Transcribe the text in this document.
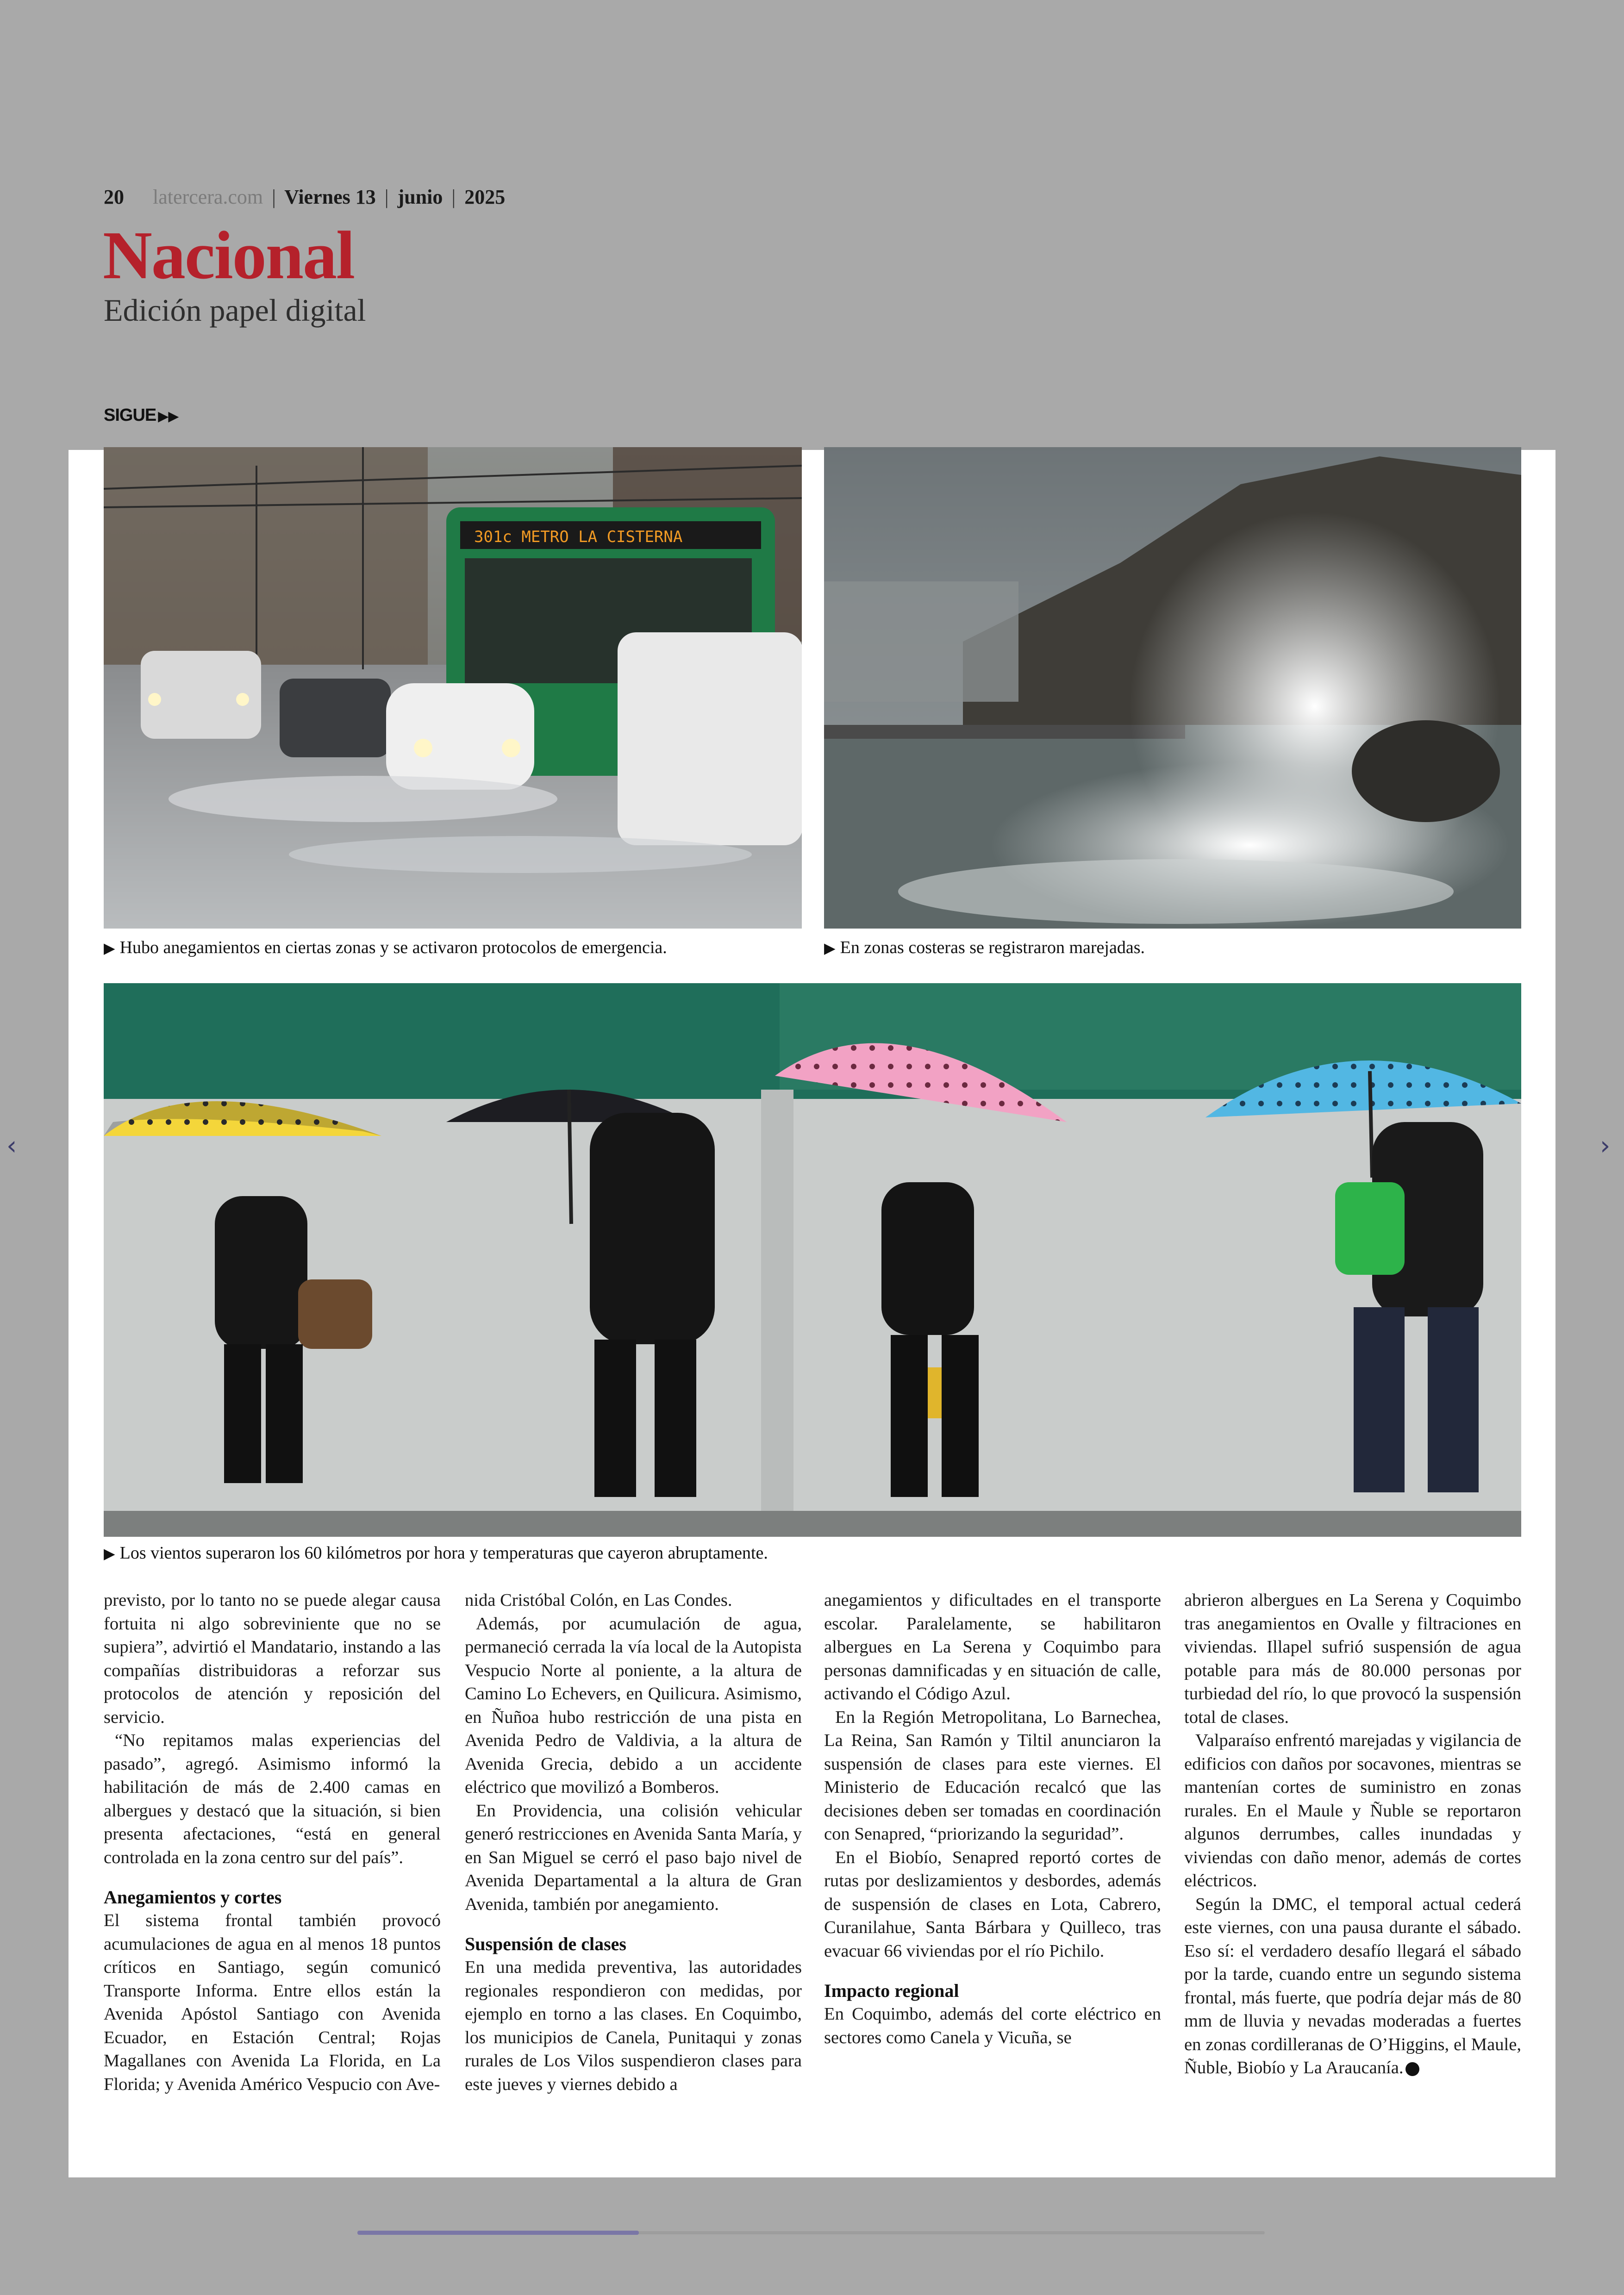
20 latercera.com | Viernes 13 | junio | 2025
Nacional
Edición papel digital
SIGUE ▶▶
301c METRO LA CISTERNA
▶ Hubo anegamientos en ciertas zonas y se activaron protocolos de emergencia.	▶ En zonas costeras se registraron marejadas.
▶ Los vientos superaron los 60 kilómetros por hora y temperaturas que cayeron abruptamente.

previsto, por lo tanto no se puede alegar causa fortuita ni algo sobreviniente que no se supiera”, advirtió el Mandatario, instando a las compañías distribuidoras a reforzar sus protocolos de atención y reposición del servicio.

“No repitamos malas experiencias del pasado”, agregó. Asimismo informó la habilitación de más de 2.400 camas en albergues y destacó que la situación, si bien presenta afectaciones, “está en general controlada en la zona centro sur del país”.

Anegamientos y cortes

El sistema frontal también provocó acumulaciones de agua en al menos 18 puntos críticos en Santiago, según comunicó Transporte Informa. Entre ellos están la Avenida Apóstol Santiago con Avenida Ecuador, en Estación Central; Rojas Magallanes con Avenida La Florida, en La Florida; y Avenida Américo Vespucio con Ave-

nida Cristóbal Colón, en Las Condes.

Además, por acumulación de agua, permaneció cerrada la vía local de la Autopista Vespucio Norte al poniente, a la altura de Camino Lo Echevers, en Quilicura. Asimismo, en Ñuñoa hubo restricción de una pista en Avenida Pedro de Valdivia, a la altura de Avenida Grecia, debido a un accidente eléctrico que movilizó a Bomberos.

En Providencia, una colisión vehicular generó restricciones en Avenida Santa María, y en San Miguel se cerró el paso bajo nivel de Avenida Departamental a la altura de Gran Avenida, también por anegamiento.

Suspensión de clases

En una medida preventiva, las autoridades regionales respondieron con medidas, por ejemplo en torno a las clases. En Coquimbo, los municipios de Canela, Punitaqui y zonas rurales de Los Vilos suspendieron clases para este jueves y viernes debido a

anegamientos y dificultades en el transporte escolar. Paralelamente, se habilitaron albergues en La Serena y Coquimbo para personas damnificadas y en situación de calle, activando el Código Azul.

En la Región Metropolitana, Lo Barnechea, La Reina, San Ramón y Tiltil anunciaron la suspensión de clases para este viernes. El Ministerio de Educación recalcó que las decisiones deben ser tomadas en coordinación con Senapred, “priorizando la seguridad”.

En el Biobío, Senapred reportó cortes de rutas por deslizamientos y desbordes, además de suspensión de clases en Lota, Cabrero, Curanilahue, Santa Bárbara y Quilleco, tras evacuar 66 viviendas por el río Pichilo.

Impacto regional

En Coquimbo, además del corte eléctrico en sectores como Canela y Vicuña, se

abrieron albergues en La Serena y Coquimbo tras anegamientos en Ovalle y filtraciones en viviendas. Illapel sufrió suspensión de agua potable para más de 80.000 personas por turbiedad del río, lo que provocó la suspensión total de clases.

Valparaíso enfrentó marejadas y vigilancia de edificios con daños por socavones, mientras se mantenían cortes de suministro en zonas rurales. En el Maule y Ñuble se reportaron algunos derrumbes, calles inundadas y viviendas con daño menor, además de cortes eléctricos.

Según la DMC, el temporal actual cederá este viernes, con una pausa durante el sábado. Eso sí: el verdadero desafío llegará el sábado por la tarde, cuando entre un segundo sistema frontal, más fuerte, que podría dejar más de 80 mm de lluvia y nevadas moderadas a fuertes en zonas cordilleranas de O’Higgins, el Maule, Ñuble, Biobío y La Araucanía.

‹	›
